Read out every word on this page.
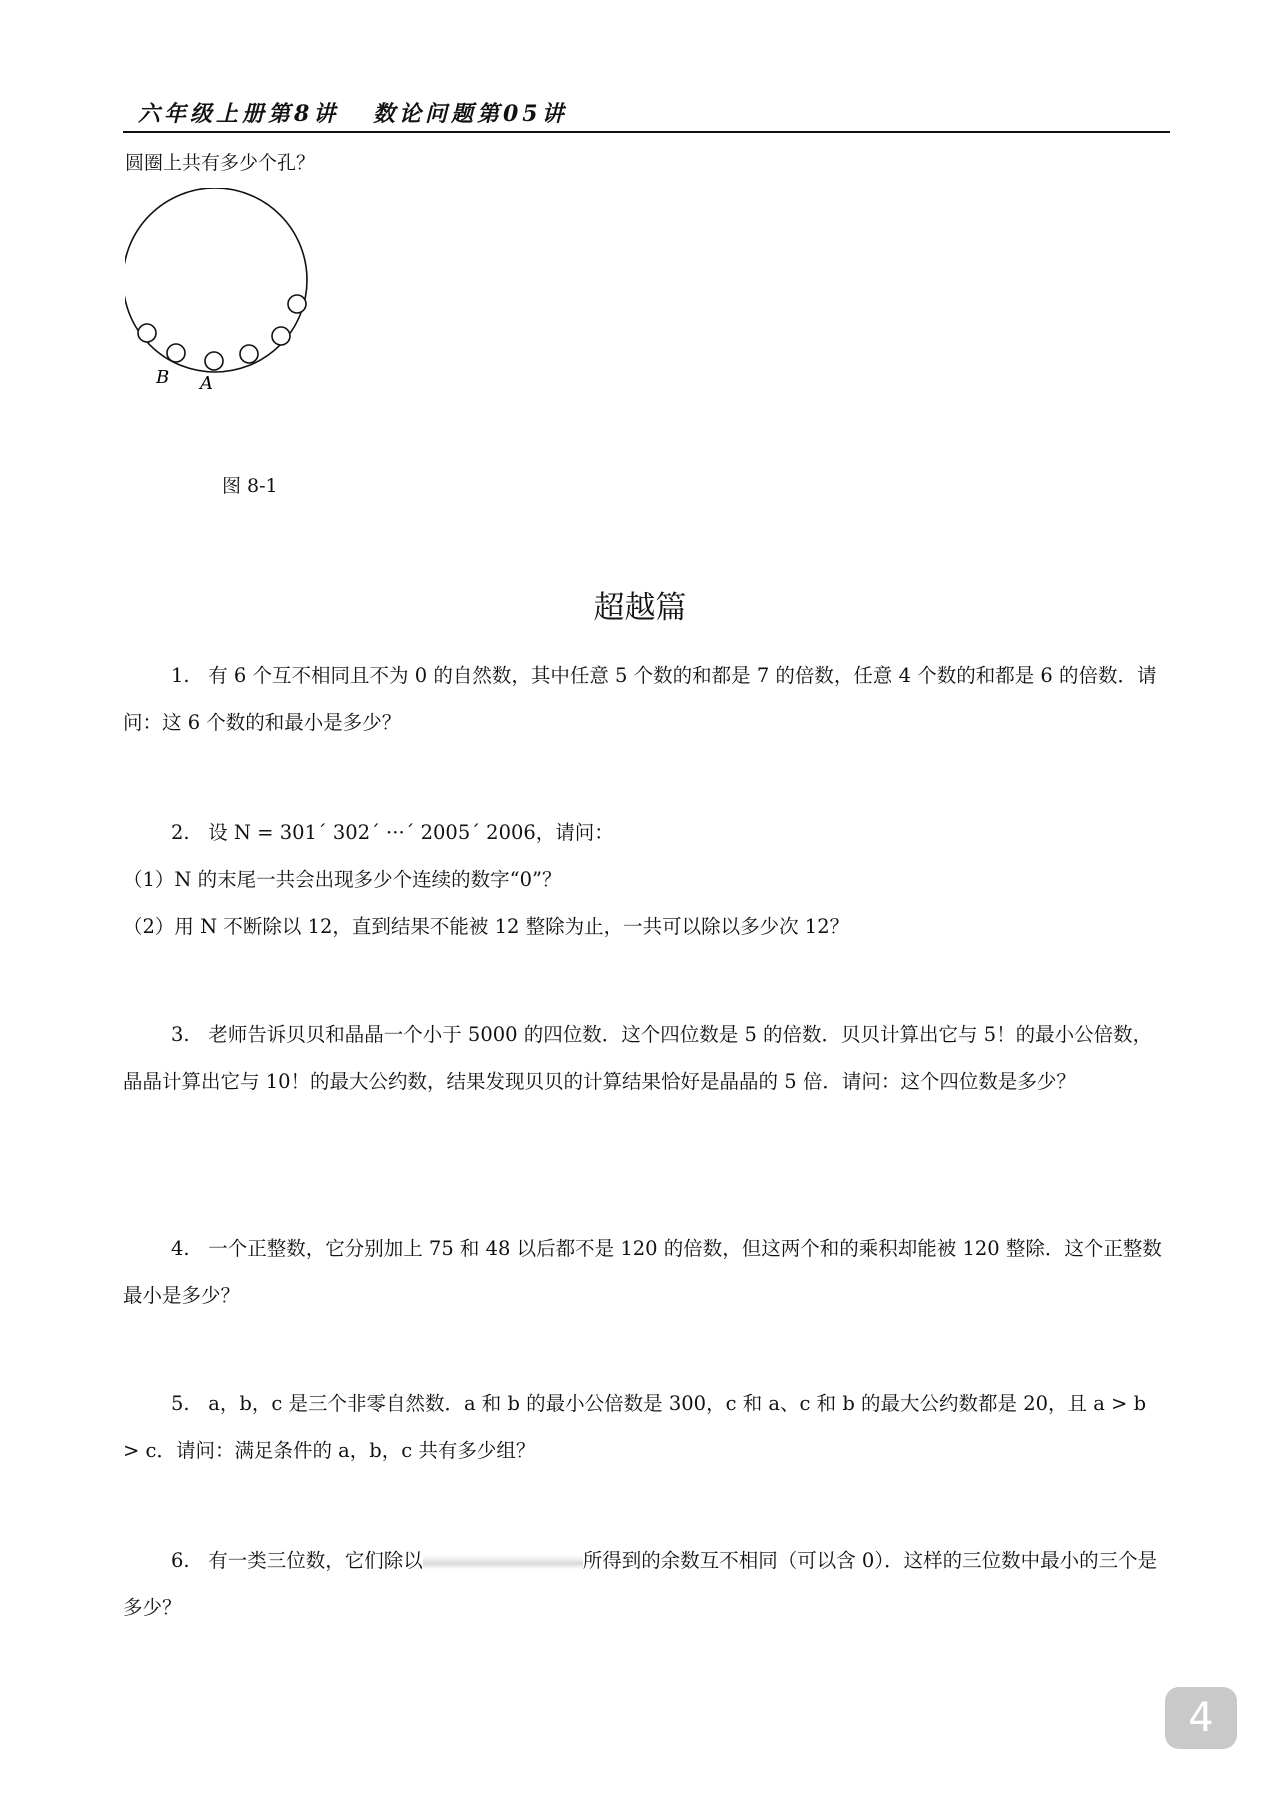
六年级上册第8讲 数论问题第05讲
圆圈上共有多少个孔？
B A
图 8-1
超越篇

1. 有 6 个互不相同且不为 0 的自然数，其中任意 5 个数的和都是 7 的倍数，任意 4 个数的和都是 6 的倍数．请问：这 6 个数的和最小是多少？

2. 设 N = 301´ 302´ ···´ 2005´ 2006，请问：

（1）N 的末尾一共会出现多少个连续的数字“0”？

（2）用 N 不断除以 12，直到结果不能被 12 整除为止，一共可以除以多少次 12？

3. 老师告诉贝贝和晶晶一个小于 5000 的四位数．这个四位数是 5 的倍数．贝贝计算出它与 5！的最小公倍数，晶晶计算出它与 10！的最大公约数，结果发现贝贝的计算结果恰好是晶晶的 5 倍．请问：这个四位数是多少？

4. 一个正整数，它分别加上 75 和 48 以后都不是 120 的倍数，但这两个和的乘积却能被 120 整除．这个正整数最小是多少？

5. a，b，c 是三个非零自然数．a 和 b 的最小公倍数是 300，c 和 a、c 和 b 的最大公约数都是 20，且 a > b > c．请问：满足条件的 a，b，c 共有多少组？

6. 有一类三位数，它们除以	所得到的余数互不相同（可以含 0）．这样的三位数中最小的三个是多少？

4
